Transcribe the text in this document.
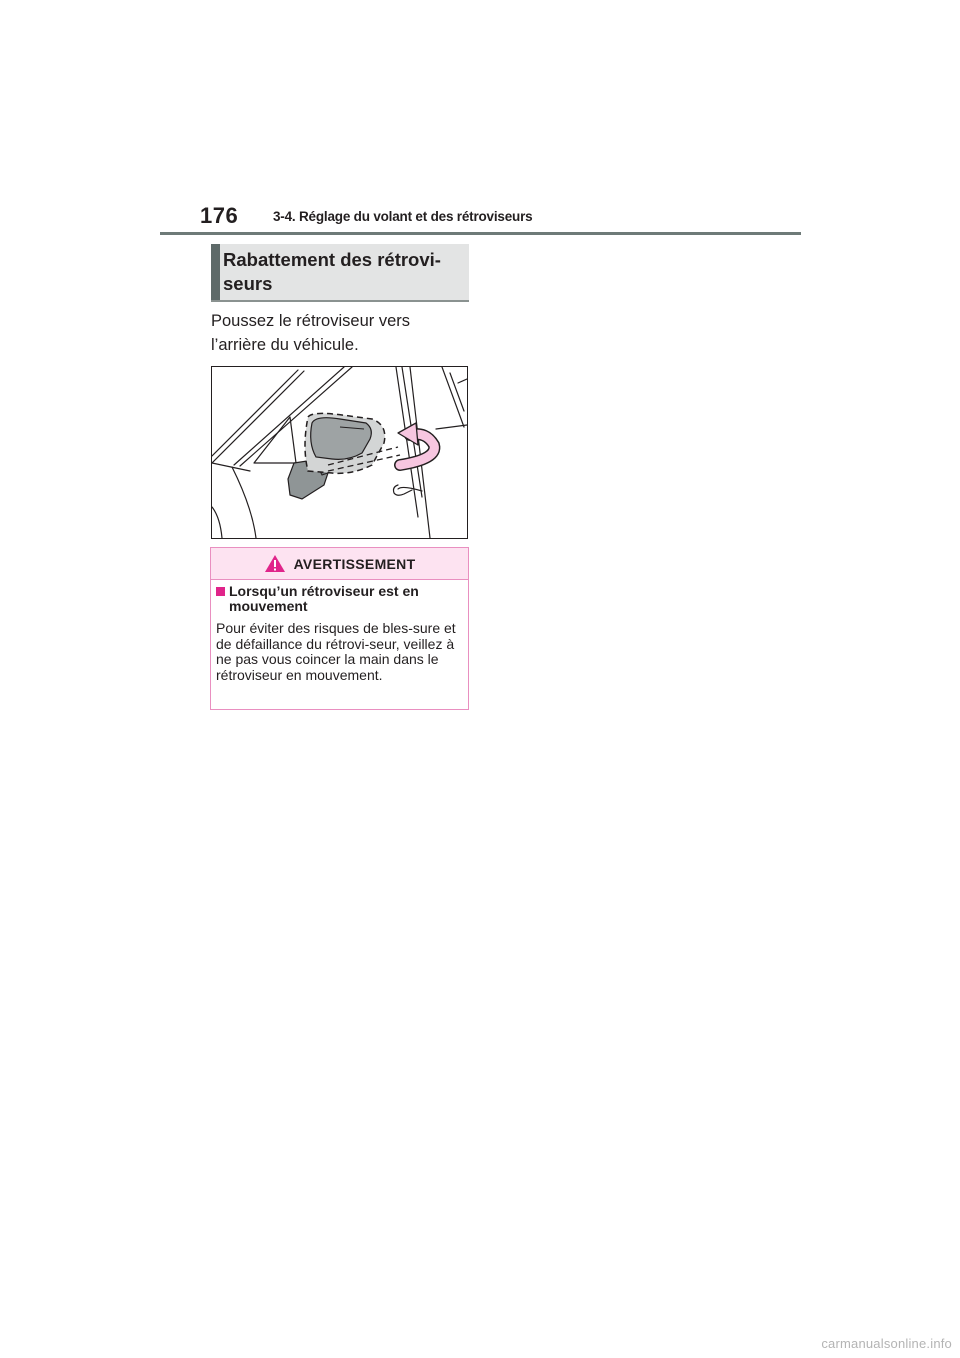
176	3-4. Réglage du volant et des rétroviseurs
Rabattement des rétrovi-seurs
Poussez le rétroviseur vers l’arrière du véhicule.
AVERTISSEMENT
Lorsqu’un rétroviseur est en mouvement
Pour éviter des risques de bles-sure et de défaillance du rétrovi-seur, veillez à ne pas vous coincer la main dans le rétroviseur en mouvement.
carmanualsonline.info
